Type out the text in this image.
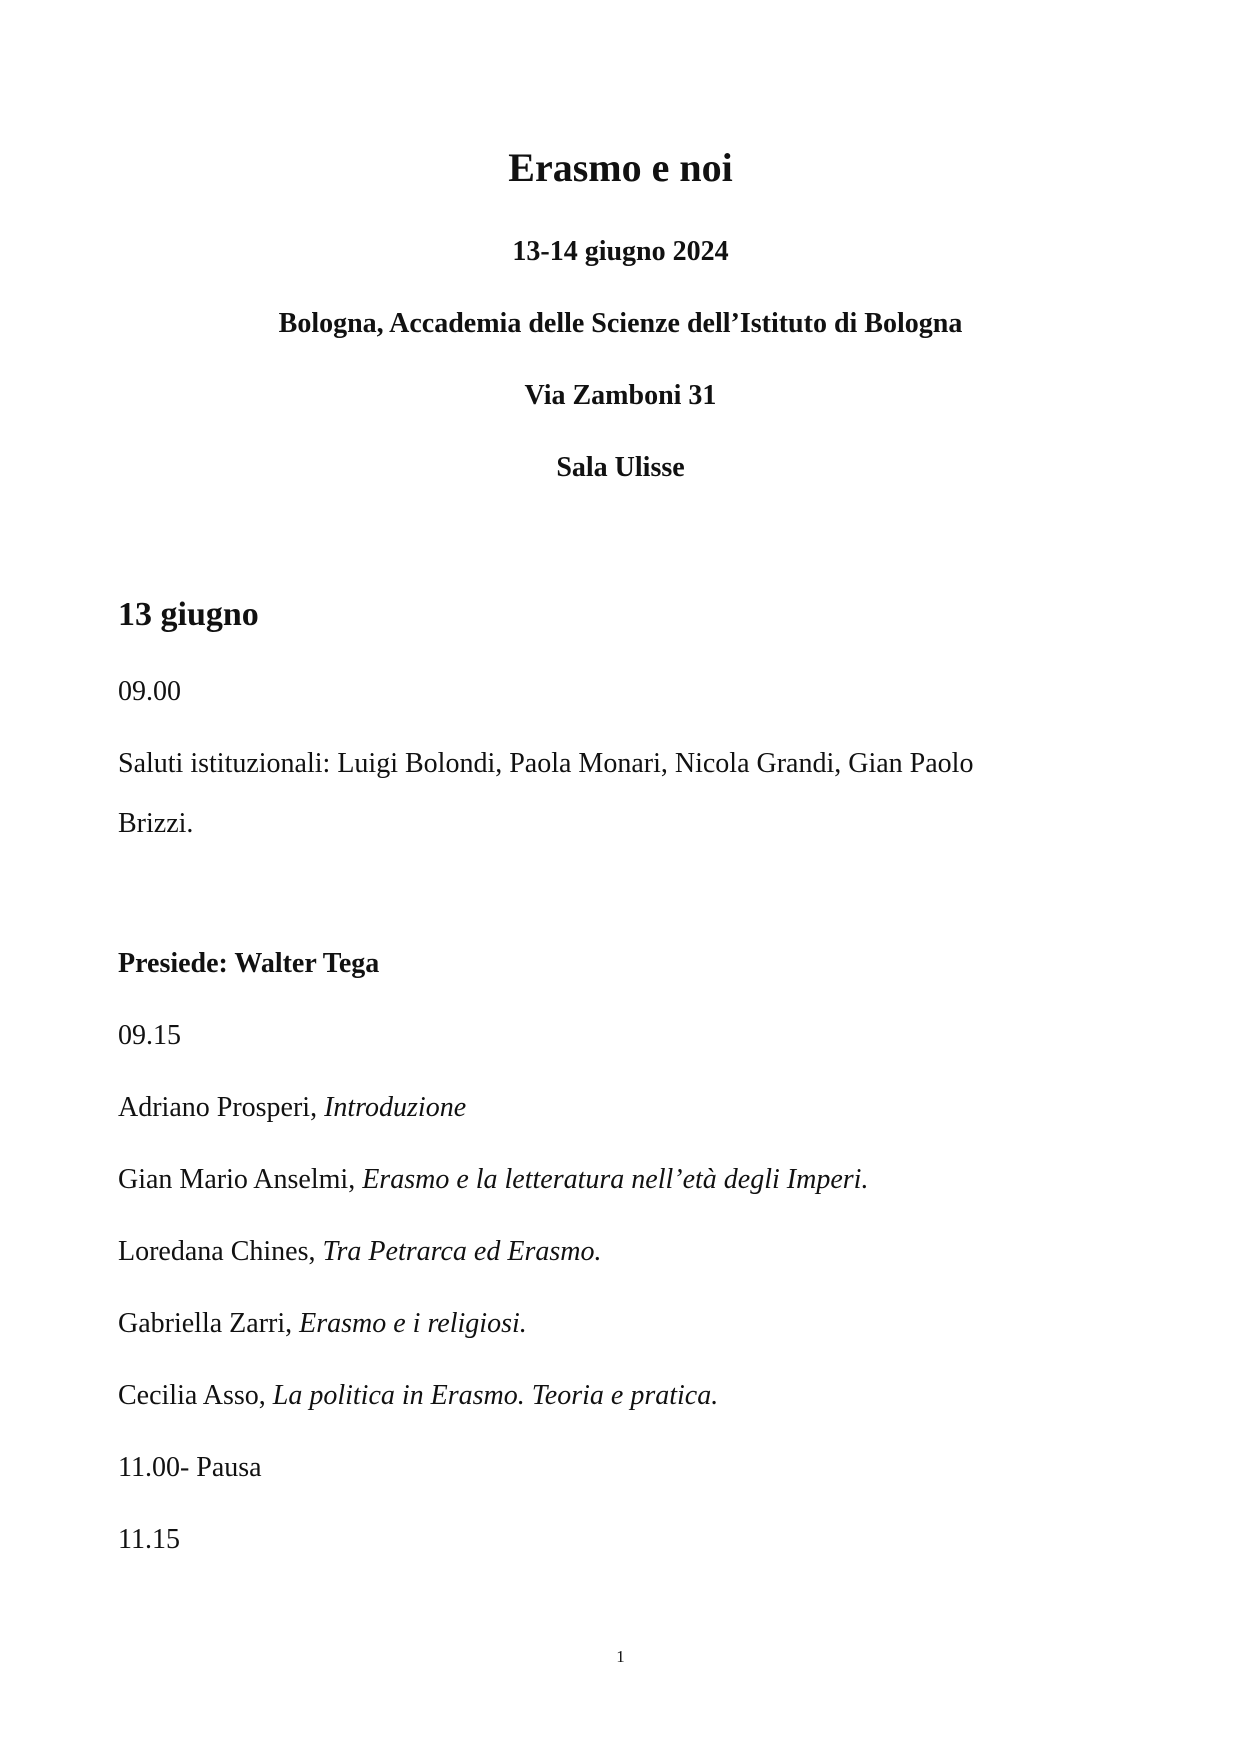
Erasmo e noi
13-14 giugno 2024
Bologna, Accademia delle Scienze dell’Istituto di Bologna
Via Zamboni 31
Sala Ulisse
13 giugno
09.00
Saluti istituzionali: Luigi Bolondi, Paola Monari, Nicola Grandi, Gian Paolo
Brizzi.
Presiede: Walter Tega
09.15
Adriano Prosperi, Introduzione
Gian Mario Anselmi, Erasmo e la letteratura nell’età degli Imperi.
Loredana Chines, Tra Petrarca ed Erasmo.
Gabriella Zarri, Erasmo e i religiosi.
Cecilia Asso, La politica in Erasmo. Teoria e pratica.
11.00- Pausa
11.15
1
